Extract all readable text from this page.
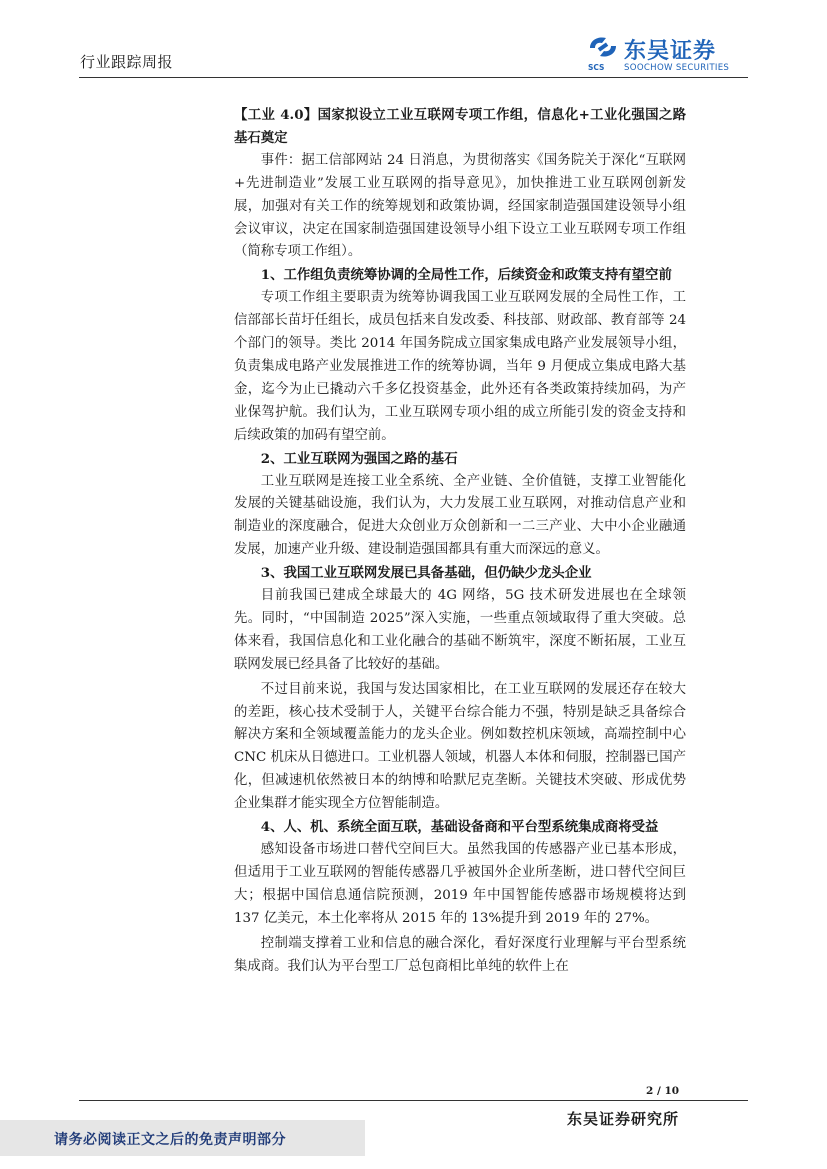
行业跟踪周报	SCS
东吴证券
SOOCHOW SECURITIES

【工业 4.0】国家拟设立工业互联网专项工作组，信息化+工业化强国之路基石奠定

事件：据工信部网站 24 日消息，为贯彻落实《国务院关于深化“互联网+先进制造业”发展工业互联网的指导意见》，加快推进工业互联网创新发展，加强对有关工作的统筹规划和政策协调，经国家制造强国建设领导小组会议审议，决定在国家制造强国建设领导小组下设立工业互联网专项工作组（简称专项工作组）。

1、工作组负责统筹协调的全局性工作，后续资金和政策支持有望空前

专项工作组主要职责为统筹协调我国工业互联网发展的全局性工作，工信部部长苗圩任组长，成员包括来自发改委、科技部、财政部、教育部等 24 个部门的领导。类比 2014 年国务院成立国家集成电路产业发展领导小组，负责集成电路产业发展推进工作的统筹协调，当年 9 月便成立集成电路大基金，迄今为止已撬动六千多亿投资基金，此外还有各类政策持续加码，为产业保驾护航。我们认为，工业互联网专项小组的成立所能引发的资金支持和后续政策的加码有望空前。

2、工业互联网为强国之路的基石

工业互联网是连接工业全系统、全产业链、全价值链，支撑工业智能化发展的关键基础设施，我们认为，大力发展工业互联网，对推动信息产业和制造业的深度融合，促进大众创业万众创新和一二三产业、大中小企业融通发展，加速产业升级、建设制造强国都具有重大而深远的意义。

3、我国工业互联网发展已具备基础，但仍缺少龙头企业

目前我国已建成全球最大的 4G 网络，5G 技术研发进展也在全球领先。同时，“中国制造 2025”深入实施，一些重点领域取得了重大突破。总体来看，我国信息化和工业化融合的基础不断筑牢，深度不断拓展，工业互联网发展已经具备了比较好的基础。

不过目前来说，我国与发达国家相比，在工业互联网的发展还存在较大的差距，核心技术受制于人，关键平台综合能力不强，特别是缺乏具备综合解决方案和全领域覆盖能力的龙头企业。例如数控机床领域，高端控制中心 CNC 机床从日德进口。工业机器人领域，机器人本体和伺服，控制器已国产化，但减速机依然被日本的纳博和哈默尼克垄断。关键技术突破、形成优势企业集群才能实现全方位智能制造。

4、人、机、系统全面互联，基础设备商和平台型系统集成商将受益

感知设备市场进口替代空间巨大。虽然我国的传感器产业已基本形成，但适用于工业互联网的智能传感器几乎被国外企业所垄断，进口替代空间巨大；根据中国信息通信院预测，2019 年中国智能传感器市场规模将达到 137 亿美元，本土化率将从 2015 年的 13%提升到 2019 年的 27%。

控制端支撑着工业和信息的融合深化，看好深度行业理解与平台型系统集成商。我们认为平台型工厂总包商相比单纯的软件上在

2 / 10
东吴证券研究所
请务必阅读正文之后的免责声明部分
